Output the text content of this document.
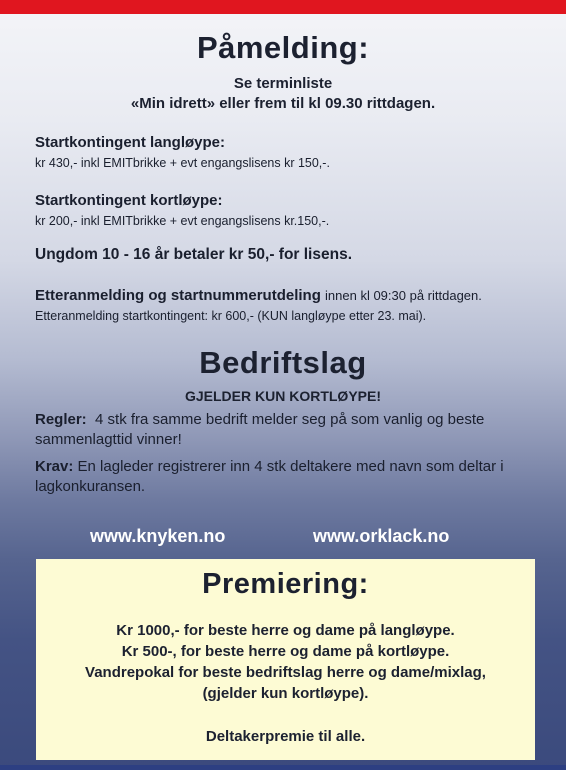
Påmelding:
Se terminliste
«Min idrett» eller frem til kl 09.30 rittdagen.
Startkontingent langløype:
kr 430,- inkl EMITbrikke + evt engangslisens kr 150,-.
Startkontingent kortløype:
kr 200,- inkl EMITbrikke + evt engangslisens kr.150,-.
Ungdom 10 - 16 år betaler kr 50,- for lisens.
Etteranmelding og startnummerutdeling innen kl 09:30 på rittdagen.
Etteranmelding startkontingent: kr 600,- (KUN langløype etter 23. mai).
Bedriftslag
GJELDER KUN KORTLØYPE!
Regler: 4 stk fra samme bedrift melder seg på som vanlig og beste sammenlagttid vinner!
Krav: En lagleder registrerer inn 4 stk deltakere med navn som deltar i lagkonkuransen.
www.knyken.no	www.orklack.no
Premiering:
Kr 1000,- for beste herre og dame på langløype.
Kr 500-, for beste herre og dame på kortløype.
Vandrepokal for beste bedriftslag herre og dame/mixlag,
(gjelder kun kortløype).
Deltakerpremie til alle.
